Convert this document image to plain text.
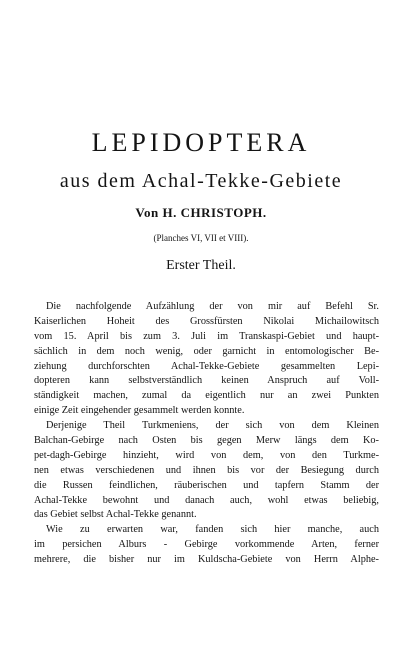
LEPIDOPTERA
aus dem Achal-Tekke-Gebiete
Von H. CHRISTOPH.
(Planches VI, VII et VIII).
Erster Theil.
Die nachfolgende Aufzählung der von mir auf Befehl Sr.
Kaiserlichen Hoheit des Grossfürsten Nikolai Michailowitsch
vom 15. April bis zum 3. Juli im Transkaspi-Gebiet und haupt-
sächlich in dem noch wenig, oder garnicht in entomologischer Be-
ziehung durchforschten Achal-Tekke-Gebiete gesammelten Lepi-
dopteren kann selbstverständlich keinen Anspruch auf Voll-
ständigkeit machen, zumal da eigentlich nur an zwei Punkten
einige Zeit eingehender gesammelt werden konnte.
Derjenige Theil Turkmeniens, der sich von dem Kleinen
Balchan-Gebirge nach Osten bis gegen Merw längs dem Ko-
pet-dagh-Gebirge hinzieht, wird von dem, von den Turkme-
nen etwas verschiedenen und ihnen bis vor der Besiegung durch
die Russen feindlichen, räuberischen und tapfern Stamm der
Achal-Tekke bewohnt und danach auch, wohl etwas beliebig,
das Gebiet selbst Achal-Tekke genannt.
Wie zu erwarten war, fanden sich hier manche, auch
im persichen Alburs - Gebirge vorkommende Arten, ferner
mehrere, die bisher nur im Kuldscha-Gebiete von Herrn Alphe-
